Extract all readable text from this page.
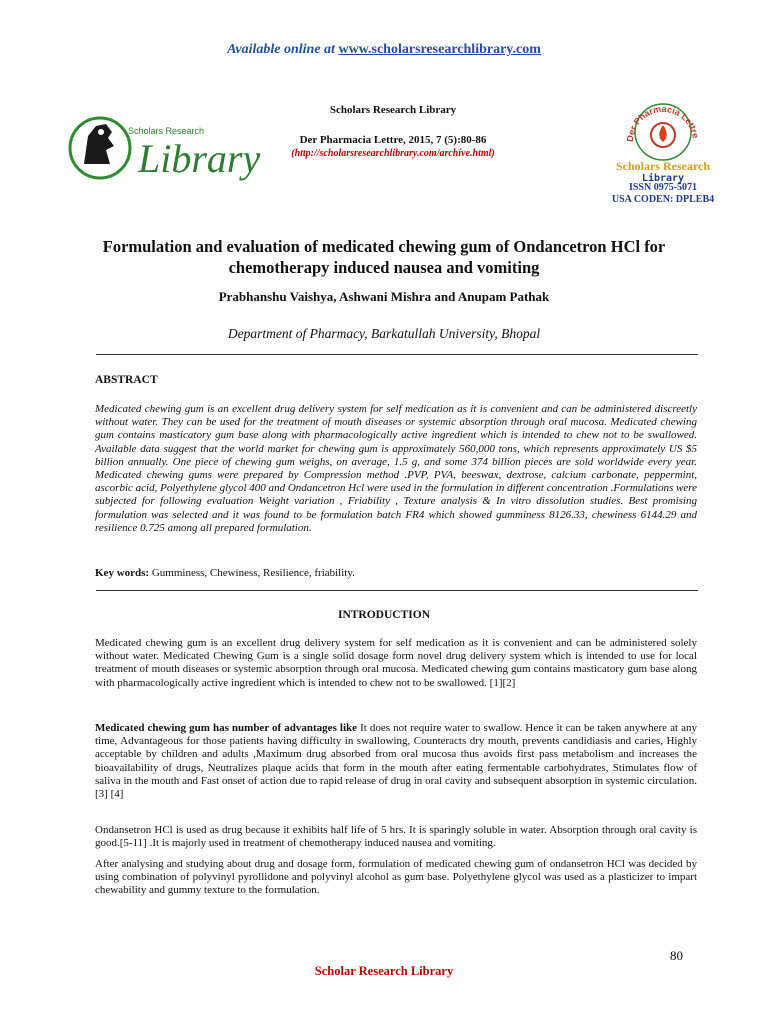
Available online at www.scholarsresearchlibrary.com
Scholars Research
Library
Scholars Research Library
Der Pharmacia Lettre, 2015, 7 (5):80-86
(http://scholarsresearchlibrary.com/archive.html)
Der Pharmacia Lettre
Scholars Research
Library
ISSN 0975-5071
USA CODEN: DPLEB4
Formulation and evaluation of medicated chewing gum of Ondancetron HCl for chemotherapy induced nausea and vomiting
Prabhanshu Vaishya, Ashwani Mishra and Anupam Pathak
Department of Pharmacy, Barkatullah University, Bhopal
ABSTRACT
Medicated chewing gum is an excellent drug delivery system for self medication as it is convenient and can be administered discreetly without water. They can be used for the treatment of mouth diseases or systemic absorption through oral mucosa. Medicated chewing gum contains masticatory gum base along with pharmacologically active ingredient which is intended to chew not to be swallowed. Available data suggest that the world market for chewing gum is approximately 560,000 tons, which represents approximately US $5 billion annually. One piece of chewing gum weighs, on average, 1.5 g, and some 374 billion pieces are sold worldwide every year. Medicated chewing gums were prepared by Compression method .PVP, PVA, beeswax, dextrose, calcium carbonate, peppermint, ascorbic acid, Polyethylene glycol 400 and Ondancetron Hcl were used in the formulation in different concentration .Formulations were subjected for following evaluation Weight variation , Friability , Texture analysis & In vitro dissolution studies. Best promising formulation was selected and it was found to be formulation batch FR4 which showed gumminess 8126.33, chewiness 6144.29 and resilience 0.725 among all prepared formulation.
Key words: Gumminess, Chewiness, Resilience, friability.
INTRODUCTION
Medicated chewing gum is an excellent drug delivery system for self medication as it is convenient and can be administered solely without water. Medicated Chewing Gum is a single solid dosage form novel drug delivery system which is intended to use for local treatment of mouth diseases or systemic absorption through oral mucosa. Medicated chewing gum contains masticatory gum base along with pharmacologically active ingredient which is intended to chew not to be swallowed. [1][2]
Medicated chewing gum has number of advantages like It does not require water to swallow. Hence it can be taken anywhere at any time, Advantageous for those patients having difficulty in swallowing, Counteracts dry mouth, prevents candidiasis and caries, Highly acceptable by children and adults ,Maximum drug absorbed from oral mucosa thus avoids first pass metabolism and increases the bioavailability of drugs, Neutralizes plaque acids that form in the mouth after eating fermentable carbohydrates, Stimulates flow of saliva in the mouth and Fast onset of action due to rapid release of drug in oral cavity and subsequent absorption in systemic circulation.[3] [4]
Ondansetron HCl is used as drug because it exhibits half life of 5 hrs. It is sparingly soluble in water. Absorption through oral cavity is good.[5-11] .It is majorly used in treatment of chemotherapy induced nausea and vomiting.
After analysing and studying about drug and dosage form, formulation of medicated chewing gum of ondansetron HCl was decided by using combination of polyvinyl pyrollidone and polyvinyl alcohol as gum base. Polyethylene glycol was used as a plasticizer to impart chewability and gummy texture to the formulation.
80
Scholar Research Library
